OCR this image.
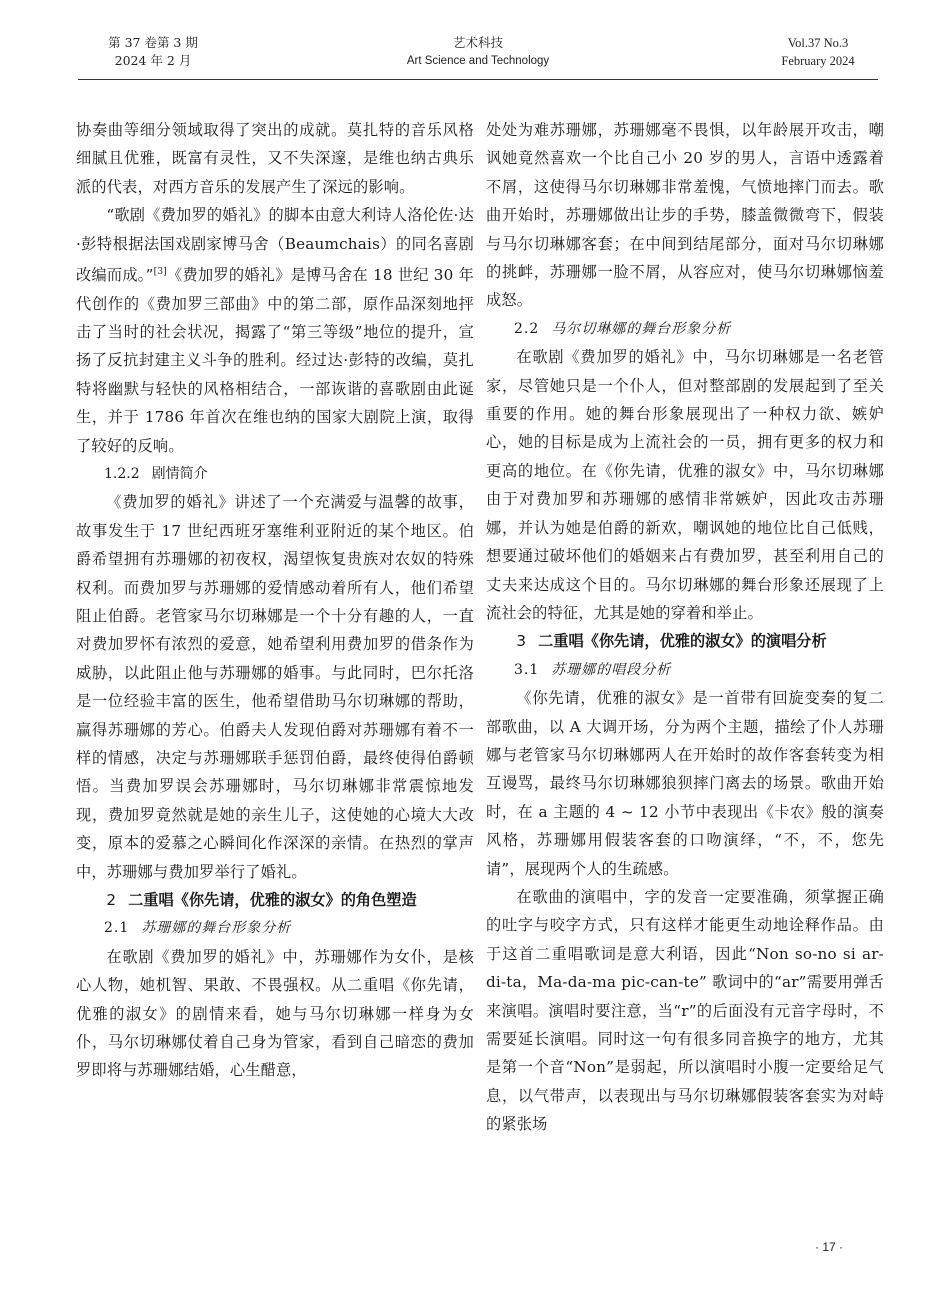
第 37 卷第 3 期
2024 年 2 月
艺术科技
Art Science and Technology
Vol.37 No.3
February 2024

协奏曲等细分领域取得了突出的成就。莫扎特的音乐风格细腻且优雅，既富有灵性，又不失深邃，是维也纳古典乐派的代表，对西方音乐的发展产生了深远的影响。

“歌剧《费加罗的婚礼》的脚本由意大利诗人洛伦佐·达·彭特根据法国戏剧家博马舍（Beaumchais）的同名喜剧改编而成。”[3]《费加罗的婚礼》是博马舍在 18 世纪 30 年代创作的《费加罗三部曲》中的第二部，原作品深刻地抨击了当时的社会状况，揭露了“第三等级”地位的提升，宣扬了反抗封建主义斗争的胜利。经过达·彭特的改编，莫扎特将幽默与轻快的风格相结合，一部诙谐的喜歌剧由此诞生，并于 1786 年首次在维也纳的国家大剧院上演，取得了较好的反响。

1.2.2 剧情简介

《费加罗的婚礼》讲述了一个充满爱与温馨的故事，故事发生于 17 世纪西班牙塞维利亚附近的某个地区。伯爵希望拥有苏珊娜的初夜权，渴望恢复贵族对农奴的特殊权利。而费加罗与苏珊娜的爱情感动着所有人，他们希望阻止伯爵。老管家马尔切琳娜是一个十分有趣的人，一直对费加罗怀有浓烈的爱意，她希望利用费加罗的借条作为威胁，以此阻止他与苏珊娜的婚事。与此同时，巴尔托洛是一位经验丰富的医生，他希望借助马尔切琳娜的帮助，赢得苏珊娜的芳心。伯爵夫人发现伯爵对苏珊娜有着不一样的情感，决定与苏珊娜联手惩罚伯爵，最终使得伯爵顿悟。当费加罗误会苏珊娜时，马尔切琳娜非常震惊地发现，费加罗竟然就是她的亲生儿子，这使她的心境大大改变，原本的爱慕之心瞬间化作深深的亲情。在热烈的掌声中，苏珊娜与费加罗举行了婚礼。

2 二重唱《你先请，优雅的淑女》的角色塑造
2.1 苏珊娜的舞台形象分析

在歌剧《费加罗的婚礼》中，苏珊娜作为女仆，是核心人物，她机智、果敢、不畏强权。从二重唱《你先请，优雅的淑女》的剧情来看，她与马尔切琳娜一样身为女仆，马尔切琳娜仗着自己身为管家，看到自己暗恋的费加罗即将与苏珊娜结婚，心生醋意，

处处为难苏珊娜，苏珊娜毫不畏惧，以年龄展开攻击，嘲讽她竟然喜欢一个比自己小 20 岁的男人，言语中透露着不屑，这使得马尔切琳娜非常羞愧，气愤地摔门而去。歌曲开始时，苏珊娜做出让步的手势，膝盖微微弯下，假装与马尔切琳娜客套；在中间到结尾部分，面对马尔切琳娜的挑衅，苏珊娜一脸不屑，从容应对，使马尔切琳娜恼羞成怒。

2.2 马尔切琳娜的舞台形象分析

在歌剧《费加罗的婚礼》中，马尔切琳娜是一名老管家，尽管她只是一个仆人，但对整部剧的发展起到了至关重要的作用。她的舞台形象展现出了一种权力欲、嫉妒心，她的目标是成为上流社会的一员，拥有更多的权力和更高的地位。在《你先请，优雅的淑女》中，马尔切琳娜由于对费加罗和苏珊娜的感情非常嫉妒，因此攻击苏珊娜，并认为她是伯爵的新欢，嘲讽她的地位比自己低贱，想要通过破坏他们的婚姻来占有费加罗，甚至利用自己的丈夫来达成这个目的。马尔切琳娜的舞台形象还展现了上流社会的特征，尤其是她的穿着和举止。

3 二重唱《你先请，优雅的淑女》的演唱分析
3.1 苏珊娜的唱段分析

《你先请，优雅的淑女》是一首带有回旋变奏的复二部歌曲，以 A 大调开场，分为两个主题，描绘了仆人苏珊娜与老管家马尔切琳娜两人在开始时的故作客套转变为相互谩骂，最终马尔切琳娜狼狈摔门离去的场景。歌曲开始时，在 a 主题的 4 ~ 12 小节中表现出《卡农》般的演奏风格，苏珊娜用假装客套的口吻演绎，“不，不，您先请”，展现两个人的生疏感。

在歌曲的演唱中，字的发音一定要准确，须掌握正确的吐字与咬字方式，只有这样才能更生动地诠释作品。由于这首二重唱歌词是意大利语，因此“Non so-no si ar-di-ta，Ma-da-ma pic-can-te” 歌词中的“ar”需要用弹舌来演唱。演唱时要注意，当“r”的后面没有元音字母时，不需要延长演唱。同时这一句有很多同音换字的地方，尤其是第一个音“Non”是弱起，所以演唱时小腹一定要给足气息，以气带声，以表现出与马尔切琳娜假装客套实为对峙的紧张场

· 17 ·
